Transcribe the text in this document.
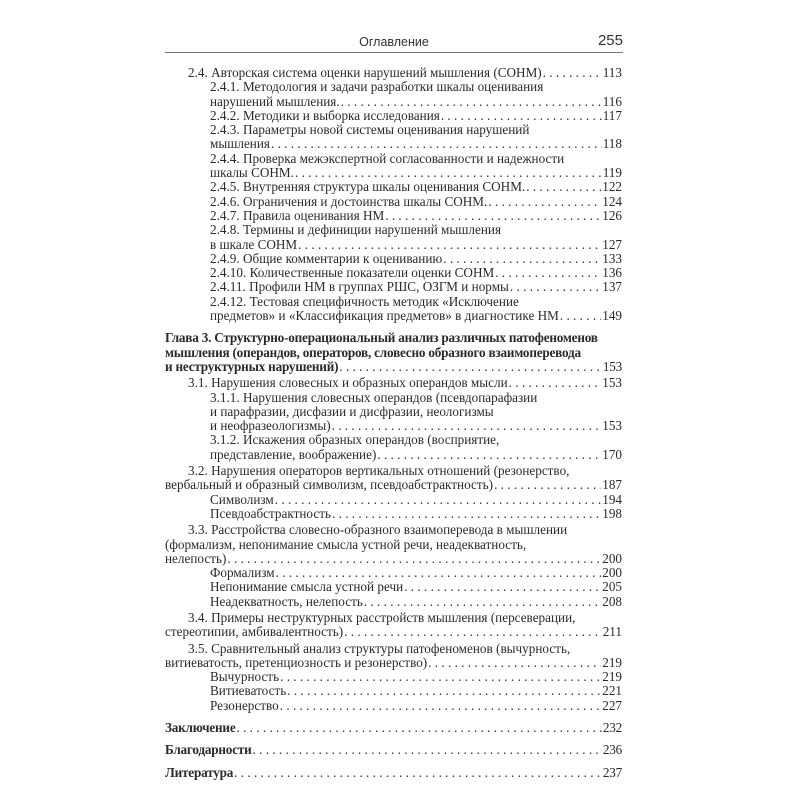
Оглавление	255
2.4. Авторская система оценки нарушений мышления (СОНМ) . . .	113
2.4.1. Методология и задачи разработки шкалы оценивания
нарушений мышления. . . .	116
2.4.2. Методики и выборка исследования . . .	117
2.4.3. Параметры новой системы оценивания нарушений
мышления . . .	118
2.4.4. Проверка межэкспертной согласованности и надежности
шкалы СОНМ. . . .	119
2.4.5. Внутренняя структура шкалы оценивания СОНМ. . . .	122
2.4.6. Ограничения и достоинства шкалы СОНМ. . . .	124
2.4.7. Правила оценивания НМ . . .	126
2.4.8. Термины и дефиниции нарушений мышления
в шкале СОНМ . . .	127
2.4.9. Общие комментарии к оцениванию . . .	133
2.4.10. Количественные показатели оценки СОНМ . . .	136
2.4.11. Профили НМ в группах РШС, ОЗГМ и нормы . . .	137
2.4.12. Тестовая специфичность методик «Исключение
предметов» и «Классификация предметов» в диагностике НМ . . .	149
Глава 3. Структурно-операциональный анализ различных патофеноменов
мышления (операндов, операторов, словесно образного взаимоперевода
и неструктурных нарушений) . . .	153
3.1. Нарушения словесных и образных операндов мысли . . .	153
3.1.1. Нарушения словесных операндов (псевдопарафазии
и парафразии, дисфазии и дисфразии, неологизмы
и неофразеологизмы) . . .	153
3.1.2. Искажения образных операндов (восприятие,
представление, воображение) . . .	170
3.2. Нарушения операторов вертикальных отношений (резонерство,
вербальный и образный символизм, псевдоабстрактность) . . .	187
Символизм . . .	194
Псевдоабстрактность . . .	198
3.3. Расстройства словесно-образного взаимоперевода в мышлении
(формализм, непонимание смысла устной речи, неадекватность,
нелепость) . . .	200
Формализм . . .	200
Непонимание смысла устной речи . . .	205
Неадекватность, нелепость . . .	208
3.4. Примеры неструктурных расстройств мышления (персеверации,
стереотипии, амбивалентность) . . .	211
3.5. Сравнительный анализ структуры патофеноменов (вычурность,
витиеватость, претенциозность и резонерство) . . .	219
Вычурность . . .	219
Витиеватость . . .	221
Резонерство . . .	227
Заключение . . .	232
Благодарности . . .	236
Литература . . .	237
